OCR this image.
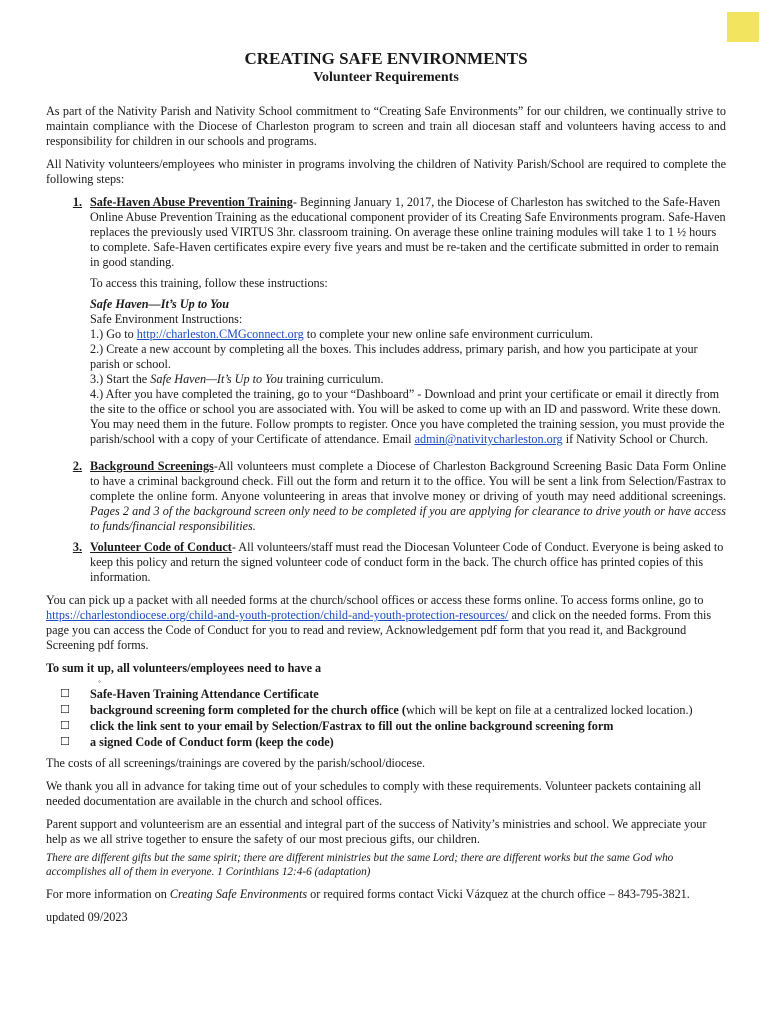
CREATING SAFE ENVIRONMENTS
Volunteer Requirements

As part of the Nativity Parish and Nativity School commitment to “Creating Safe Environments” for our children, we continually strive to maintain compliance with the Diocese of Charleston program to screen and train all diocesan staff and volunteers having access to and responsibility for children in our schools and programs.

All Nativity volunteers/employees who minister in programs involving the children of Nativity Parish/School are required to complete the following steps:

1. Safe-Haven Abuse Prevention Training- Beginning January 1, 2017, the Diocese of Charleston has switched to the Safe-Haven Online Abuse Prevention Training as the educational component provider of its Creating Safe Environments program. Safe-Haven replaces the previously used VIRTUS 3hr. classroom training. On average these online training modules will take 1 to 1 ½ hours to complete. Safe-Haven certificates expire every five years and must be re-taken and the certificate submitted in order to remain in good standing.

To access this training, follow these instructions:

Safe Haven—It’s Up to You
Safe Environment Instructions:
1.) Go to http://charleston.CMGconnect.org to complete your new online safe environment curriculum.
2.) Create a new account by completing all the boxes. This includes address, primary parish, and how you participate at your parish or school.
3.) Start the Safe Haven—It’s Up to You training curriculum.
4.) After you have completed the training, go to your “Dashboard” - Download and print your certificate or email it directly from the site to the office or school you are associated with. You will be asked to come up with an ID and password. Write these down. You may need them in the future. Follow prompts to register. Once you have completed the training session, you must provide the parish/school with a copy of your Certificate of attendance. Email admin@nativitycharleston.org if Nativity School or Church.
2. Background Screenings-All volunteers must complete a Diocese of Charleston Background Screening Basic Data Form Online to have a criminal background check. Fill out the form and return it to the office. You will be sent a link from Selection/Fastrax to complete the online form. Anyone volunteering in areas that involve money or driving of youth may need additional screenings. Pages 2 and 3 of the background screen only need to be completed if you are applying for clearance to drive youth or have access to funds/financial responsibilities.
3. Volunteer Code of Conduct- All volunteers/staff must read the Diocesan Volunteer Code of Conduct. Everyone is being asked to keep this policy and return the signed volunteer code of conduct form in the back. The church office has printed copies of this information.

You can pick up a packet with all needed forms at the church/school offices or access these forms online. To access forms online, go to https://charlestondiocese.org/child-and-youth-protection/child-and-youth-protection-resources/ and click on the needed forms. From this page you can access the Code of Conduct for you to read and review, Acknowledgement pdf form that you read it, and Background Screening pdf forms.

To sum it up, all volunteers/employees need to have a
◦
☐	Safe-Haven Training Attendance Certificate
☐	background screening form completed for the church office (which will be kept on file at a centralized locked location.)
☐	click the link sent to your email by Selection/Fastrax to fill out the online background screening form
☐	a signed Code of Conduct form (keep the code)

The costs of all screenings/trainings are covered by the parish/school/diocese.

We thank you all in advance for taking time out of your schedules to comply with these requirements. Volunteer packets containing all needed documentation are available in the church and school offices.

Parent support and volunteerism are an essential and integral part of the success of Nativity’s ministries and school. We appreciate your help as we all strive together to ensure the safety of our most precious gifts, our children.

There are different gifts but the same spirit; there are different ministries but the same Lord; there are different works but the same God who accomplishes all of them in everyone. 1 Corinthians 12:4-6 (adaptation)

For more information on Creating Safe Environments or required forms contact Vicki Vázquez at the church office – 843-795-3821.

updated 09/2023
